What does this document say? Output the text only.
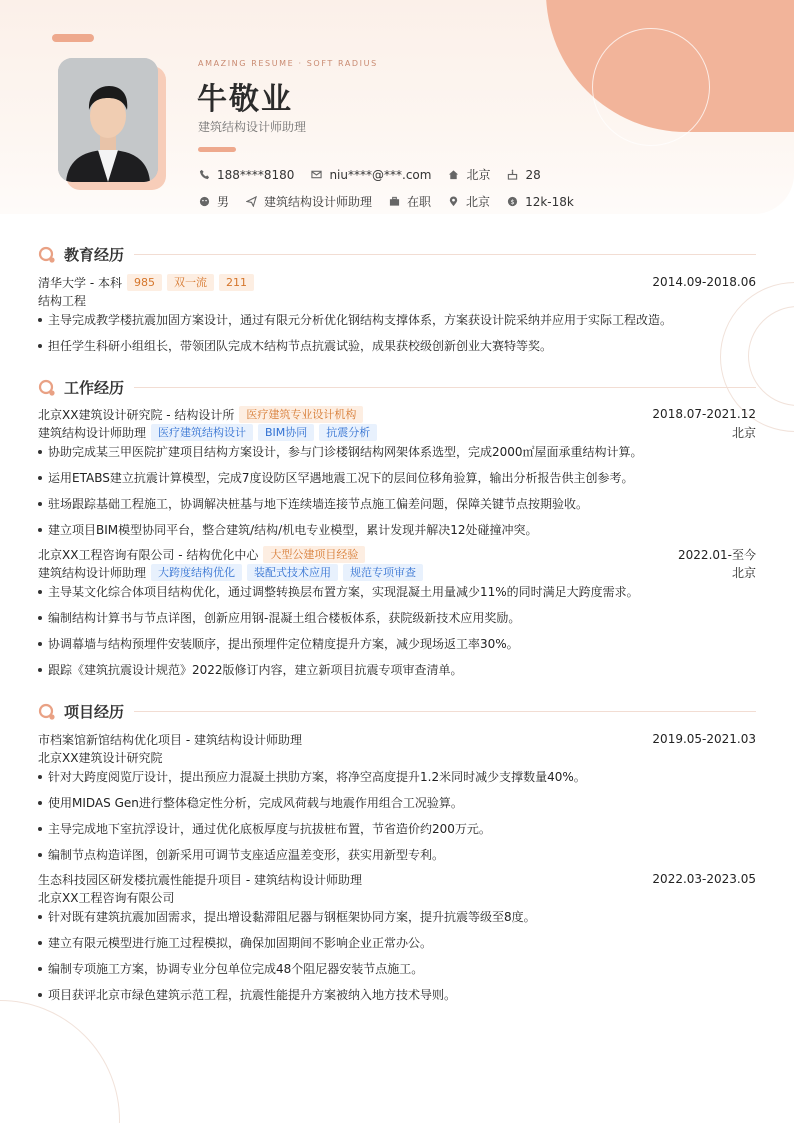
AMAZING RESUME · SOFT RADIUS
牛敬业
建筑结构设计师助理
188****8180	niu****@***.com	北京	28
男	建筑结构设计师助理	在职	北京	$ 12k-18k
教育经历
清华大学 - 本科	985	双一流	211	2014.09-2018.06
结构工程
主导完成教学楼抗震加固方案设计，通过有限元分析优化钢结构支撑体系，方案获设计院采纳并应用于实际工程改造。
担任学生科研小组组长，带领团队完成木结构节点抗震试验，成果获校级创新创业大赛特等奖。
工作经历
北京XX建筑设计研究院 - 结构设计所	医疗建筑专业设计机构	2018.07-2021.12
建筑结构设计师助理	医疗建筑结构设计	BIM协同	抗震分析	北京
协助完成某三甲医院扩建项目结构方案设计，参与门诊楼钢结构网架体系选型，完成2000㎡屋面承重结构计算。
运用ETABS建立抗震计算模型，完成7度设防区罕遇地震工况下的层间位移角验算，输出分析报告供主创参考。
驻场跟踪基础工程施工，协调解决桩基与地下连续墙连接节点施工偏差问题，保障关键节点按期验收。
建立项目BIM模型协同平台，整合建筑/结构/机电专业模型，累计发现并解决12处碰撞冲突。
北京XX工程咨询有限公司 - 结构优化中心	大型公建项目经验	2022.01-至今
建筑结构设计师助理	大跨度结构优化	装配式技术应用	规范专项审查	北京
主导某文化综合体项目结构优化，通过调整转换层布置方案，实现混凝土用量减少11%的同时满足大跨度需求。
编制结构计算书与节点详图，创新应用钢-混凝土组合楼板体系，获院级新技术应用奖励。
协调幕墙与结构预埋件安装顺序，提出预埋件定位精度提升方案，减少现场返工率30%。
跟踪《建筑抗震设计规范》2022版修订内容，建立新项目抗震专项审查清单。
项目经历
市档案馆新馆结构优化项目 - 建筑结构设计师助理	2019.05-2021.03
北京XX建筑设计研究院
针对大跨度阅览厅设计，提出预应力混凝土拱肋方案，将净空高度提升1.2米同时减少支撑数量40%。
使用MIDAS Gen进行整体稳定性分析，完成风荷载与地震作用组合工况验算。
主导完成地下室抗浮设计，通过优化底板厚度与抗拔桩布置，节省造价约200万元。
编制节点构造详图，创新采用可调节支座适应温差变形，获实用新型专利。
生态科技园区研发楼抗震性能提升项目 - 建筑结构设计师助理	2022.03-2023.05
北京XX工程咨询有限公司
针对既有建筑抗震加固需求，提出增设黏滞阻尼器与钢框架协同方案，提升抗震等级至8度。
建立有限元模型进行施工过程模拟，确保加固期间不影响企业正常办公。
编制专项施工方案，协调专业分包单位完成48个阻尼器安装节点施工。
项目获评北京市绿色建筑示范工程，抗震性能提升方案被纳入地方技术导则。
